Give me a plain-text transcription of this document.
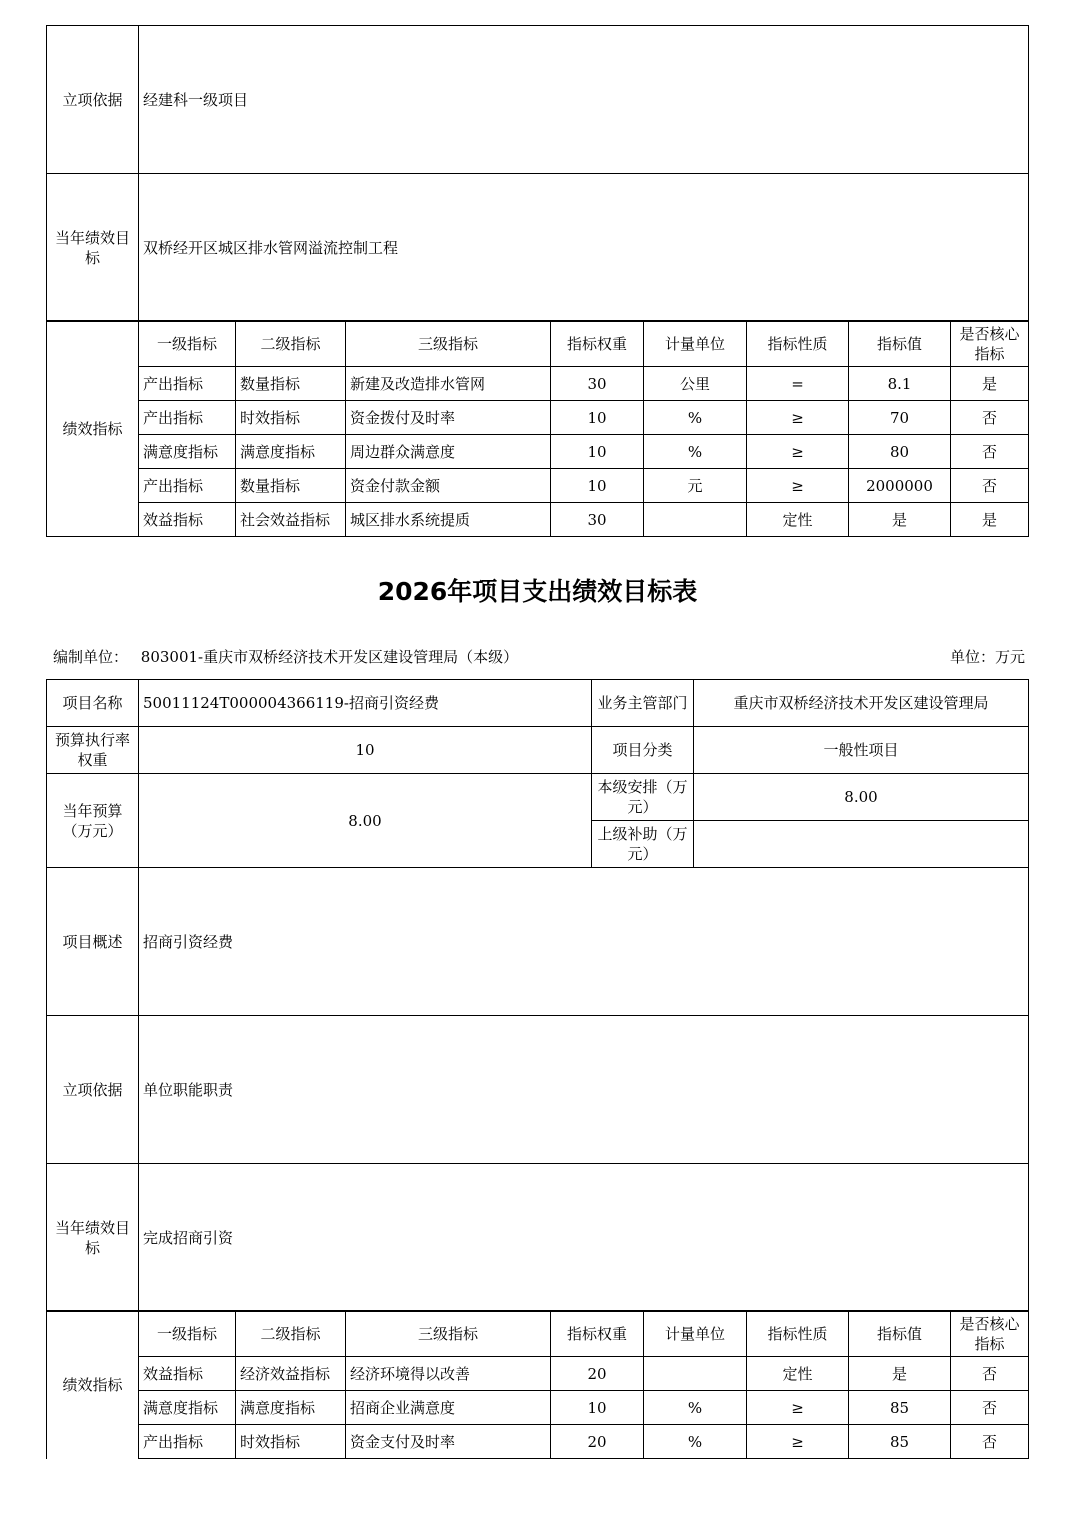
立项依据	经建科一级项目
当年绩效目标	双桥经开区城区排水管网溢流控制工程
绩效指标	一级指标	二级指标	三级指标	指标权重	计量单位	指标性质	指标值	是否核心指标
	产出指标	数量指标	新建及改造排水管网	30	公里	=	8.1	是
	产出指标	时效指标	资金拨付及时率	10	%	≥	70	否
	满意度指标	满意度指标	周边群众满意度	10	%	≥	80	否
	产出指标	数量指标	资金付款金额	10	元	≥	2000000	否
	效益指标	社会效益指标	城区排水系统提质	30		定性	是	是
2026年项目支出绩效目标表
编制单位： 803001-重庆市双桥经济技术开发区建设管理局（本级）	单位：万元
项目名称	50011124T000004366119-招商引资经费	业务主管部门	重庆市双桥经济技术开发区建设管理局
预算执行率权重	10	项目分类	一般性项目
当年预算（万元）	8.00	本级安排（万元）	8.00
		上级补助（万元）	
项目概述	招商引资经费		
立项依据	单位职能职责		
当年绩效目标	完成招商引资		
绩效指标	一级指标	二级指标	三级指标	指标权重	计量单位	指标性质	指标值	是否核心指标
	效益指标	经济效益指标	经济环境得以改善	20		定性	是	否
	满意度指标	满意度指标	招商企业满意度	10	%	≥	85	否
	产出指标	时效指标	资金支付及时率	20	%	≥	85	否
